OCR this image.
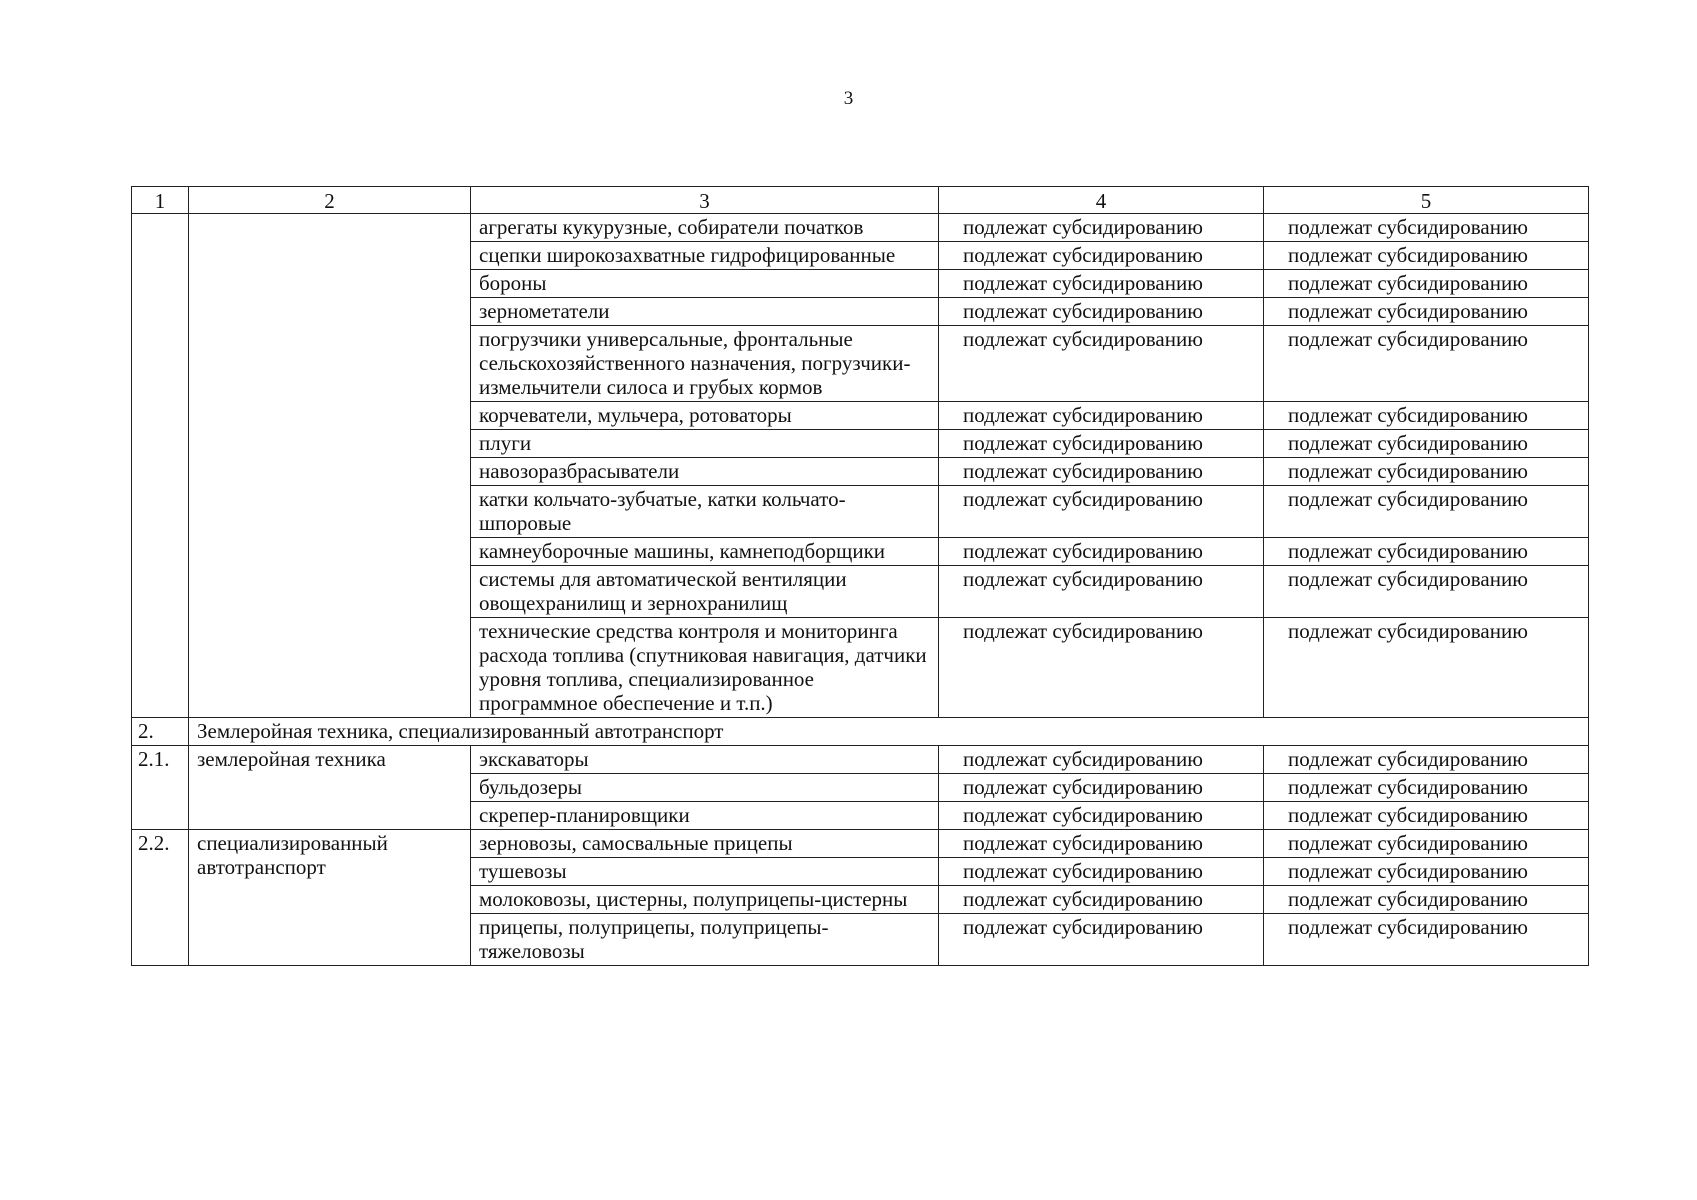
3
1	2	3	4	5
		агрегаты кукурузные, собиратели початков	подлежат субсидированию	подлежат субсидированию
		сцепки широкозахватные гидрофицированные	подлежат субсидированию	подлежат субсидированию
		бороны	подлежат субсидированию	подлежат субсидированию
		зернометатели	подлежат субсидированию	подлежат субсидированию
		погрузчики универсальные, фронтальные сельскохозяйственного назначения, погрузчики-измельчители силоса и грубых кормов	подлежат субсидированию	подлежат субсидированию
		корчеватели, мульчера, ротоваторы	подлежат субсидированию	подлежат субсидированию
		плуги	подлежат субсидированию	подлежат субсидированию
		навозоразбрасыватели	подлежат субсидированию	подлежат субсидированию
		катки кольчато-зубчатые, катки кольчато-шпоровые	подлежат субсидированию	подлежат субсидированию
		камнеуборочные машины, камнеподборщики	подлежат субсидированию	подлежат субсидированию
		системы для автоматической вентиляции овощехранилищ и зернохранилищ	подлежат субсидированию	подлежат субсидированию
		технические средства контроля и мониторинга расхода топлива (спутниковая навигация, датчики уровня топлива, специализированное программное обеспечение и т.п.)	подлежат субсидированию	подлежат субсидированию
2.	Землеройная техника, специализированный автотранспорт			
2.1.	землеройная техника	экскаваторы	подлежат субсидированию	подлежат субсидированию
		бульдозеры	подлежат субсидированию	подлежат субсидированию
		скрепер-планировщики	подлежат субсидированию	подлежат субсидированию
2.2.	специализированный автотранспорт	зерновозы, самосвальные прицепы	подлежат субсидированию	подлежат субсидированию
		тушевозы	подлежат субсидированию	подлежат субсидированию
		молоковозы, цистерны, полуприцепы-цистерны	подлежат субсидированию	подлежат субсидированию
		прицепы, полуприцепы, полуприцепы-тяжеловозы	подлежат субсидированию	подлежат субсидированию
